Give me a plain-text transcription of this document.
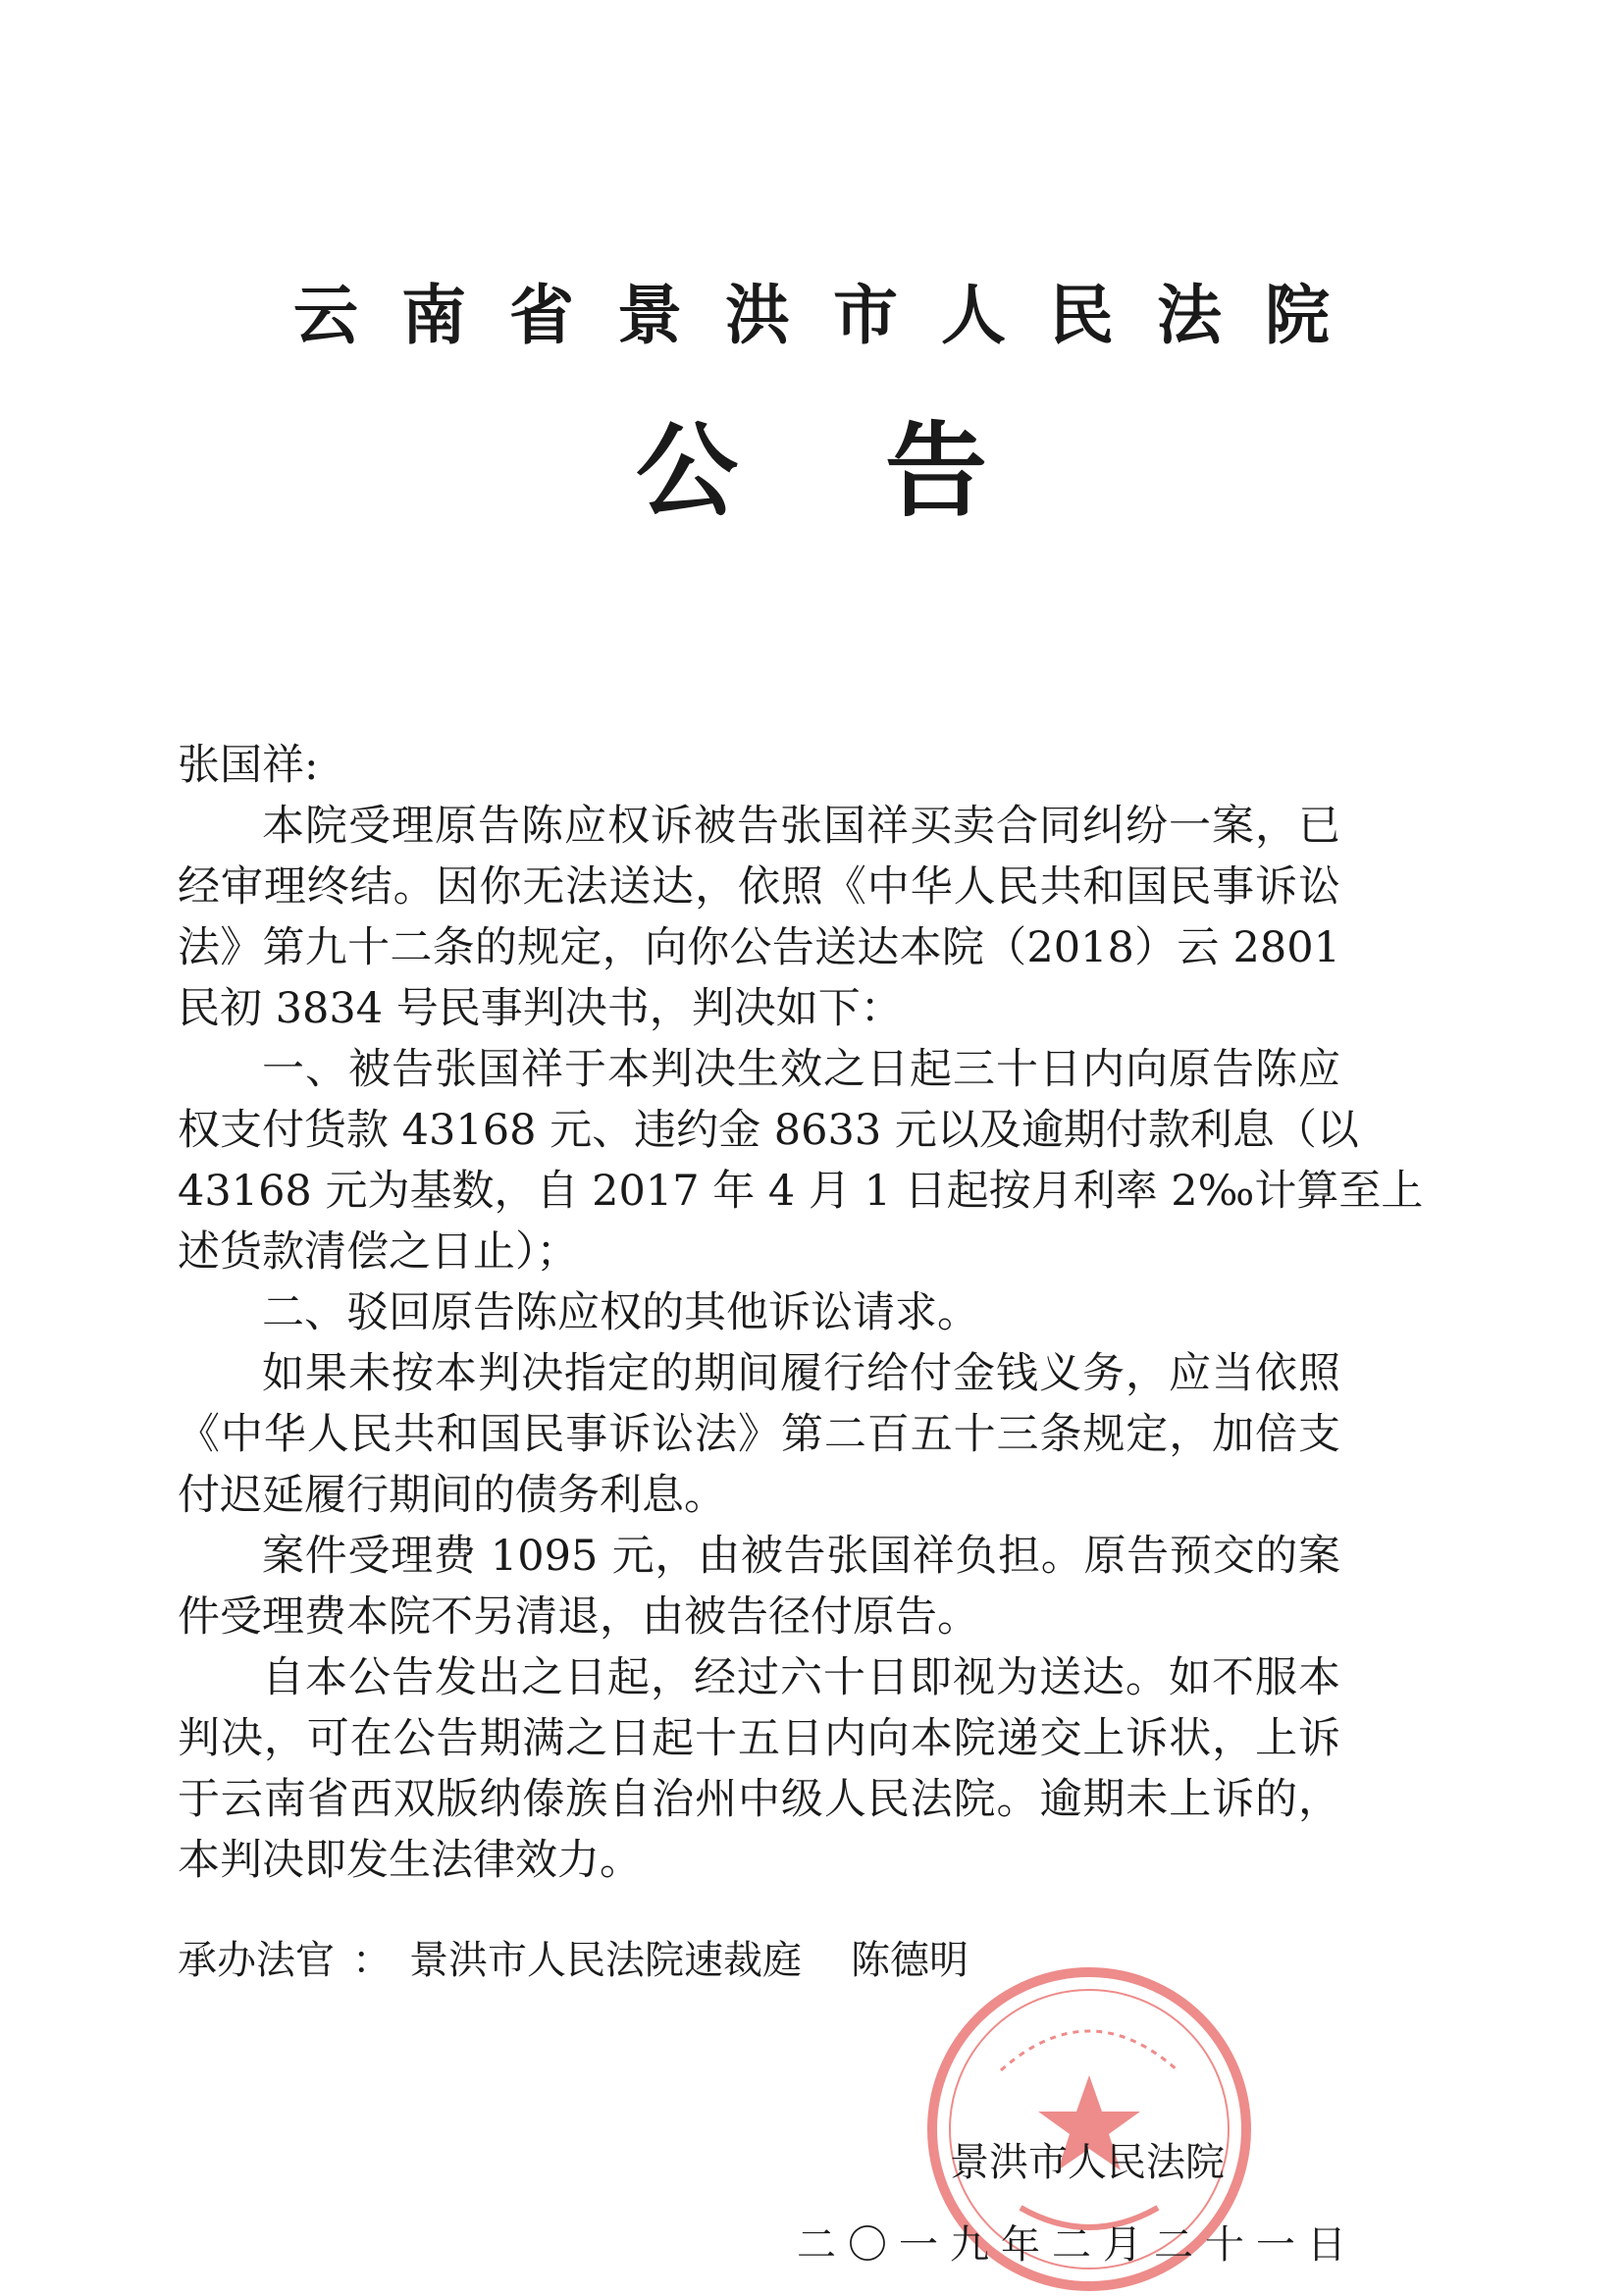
云南省景洪市人民法院
公告
张国祥:
本院受理原告陈应权诉被告张国祥买卖合同纠纷一案，已
经审理终结。因你无法送达，依照《中华人民共和国民事诉讼
法》第九十二条的规定，向你公告送达本院（2018）云 2801
民初 3834 号民事判决书，判决如下：
一、被告张国祥于本判决生效之日起三十日内向原告陈应
权支付货款 43168 元、违约金 8633 元以及逾期付款利息（以
43168 元为基数，自 2017 年 4 月 1 日起按月利率 2‰计算至上
述货款清偿之日止）；
二、驳回原告陈应权的其他诉讼请求。
如果未按本判决指定的期间履行给付金钱义务，应当依照
《中华人民共和国民事诉讼法》第二百五十三条规定，加倍支
付迟延履行期间的债务利息。
案件受理费 1095 元，由被告张国祥负担。原告预交的案
件受理费本院不另清退，由被告径付原告。
自本公告发出之日起，经过六十日即视为送达。如不服本
判决，可在公告期满之日起十五日内向本院递交上诉状，上诉
于云南省西双版纳傣族自治州中级人民法院。逾期未上诉的，
本判决即发生法律效力。
承办法官 ： 景洪市人民法院速裁庭 陈德明
景洪市人民法院
二〇一九年二月二十一日
